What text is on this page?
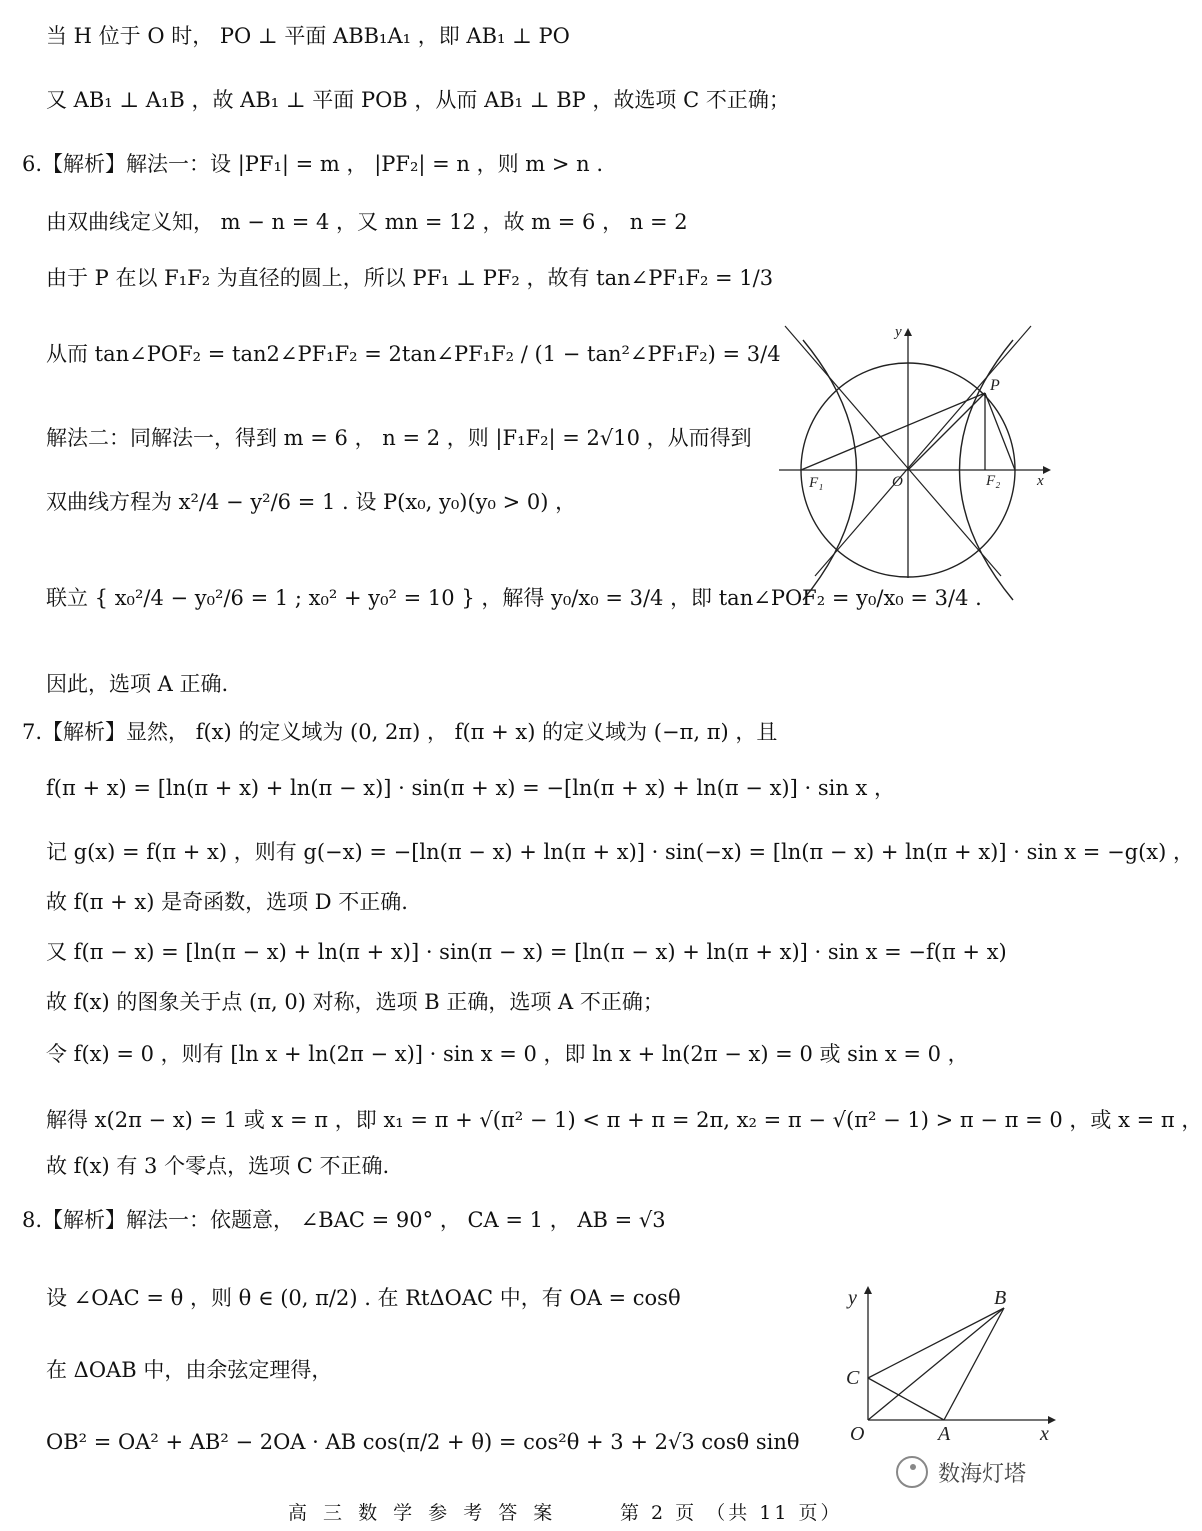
当 H 位于 O 时， PO ⊥ 平面 ABB₁A₁ ，即 AB₁ ⊥ PO
又 AB₁ ⊥ A₁B ，故 AB₁ ⊥ 平面 POB ，从而 AB₁ ⊥ BP ，故选项 C 不正确；
6.【解析】解法一：设 |PF₁| = m ， |PF₂| = n ，则 m > n .
由双曲线定义知， m − n = 4 ，又 mn = 12 ，故 m = 6 ， n = 2
由于 P 在以 F₁F₂ 为直径的圆上，所以 PF₁ ⊥ PF₂ ，故有 tan∠PF₁F₂ = 1/3
从而 tan∠POF₂ = tan2∠PF₁F₂ = 2tan∠PF₁F₂ / (1 − tan²∠PF₁F₂) = 3/4
解法二：同解法一，得到 m = 6 ， n = 2 ，则 |F₁F₂| = 2√10 ，从而得到
双曲线方程为 x²/4 − y²/6 = 1 . 设 P(x₀, y₀)(y₀ > 0) ，
联立 { x₀²/4 − y₀²/6 = 1 ; x₀² + y₀² = 10 } ，解得 y₀/x₀ = 3/4 ，即 tan∠POF₂ = y₀/x₀ = 3/4 .
因此，选项 A 正确.
7.【解析】显然， f(x) 的定义域为 (0, 2π) ， f(π + x) 的定义域为 (−π, π) ，且
f(π + x) = [ln(π + x) + ln(π − x)] · sin(π + x) = −[ln(π + x) + ln(π − x)] · sin x ，
记 g(x) = f(π + x) ，则有 g(−x) = −[ln(π − x) + ln(π + x)] · sin(−x) = [ln(π − x) + ln(π + x)] · sin x = −g(x) ，
故 f(π + x) 是奇函数，选项 D 不正确.
又 f(π − x) = [ln(π − x) + ln(π + x)] · sin(π − x) = [ln(π − x) + ln(π + x)] · sin x = −f(π + x)
故 f(x) 的图象关于点 (π, 0) 对称，选项 B 正确，选项 A 不正确；
令 f(x) = 0 ，则有 [ln x + ln(2π − x)] · sin x = 0 ，即 ln x + ln(2π − x) = 0 或 sin x = 0 ，
解得 x(2π − x) = 1 或 x = π ，即 x₁ = π + √(π² − 1) < π + π = 2π, x₂ = π − √(π² − 1) > π − π = 0 ，或 x = π ，
故 f(x) 有 3 个零点，选项 C 不正确.
8.【解析】解法一：依题意， ∠BAC = 90° ， CA = 1 ， AB = √3
设 ∠OAC = θ ，则 θ ∈ (0, π/2) . 在 RtΔOAC 中，有 OA = cosθ
在 ΔOAB 中，由余弦定理得，
OB² = OA² + AB² − 2OA · AB cos(π/2 + θ) = cos²θ + 3 + 2√3 cosθ sinθ
y
P
F₁	O	F₂ x
y	B
C
O	A	x
数海灯塔
高 三 数 学 参 考 答 案	第 2 页 （共 11 页）
